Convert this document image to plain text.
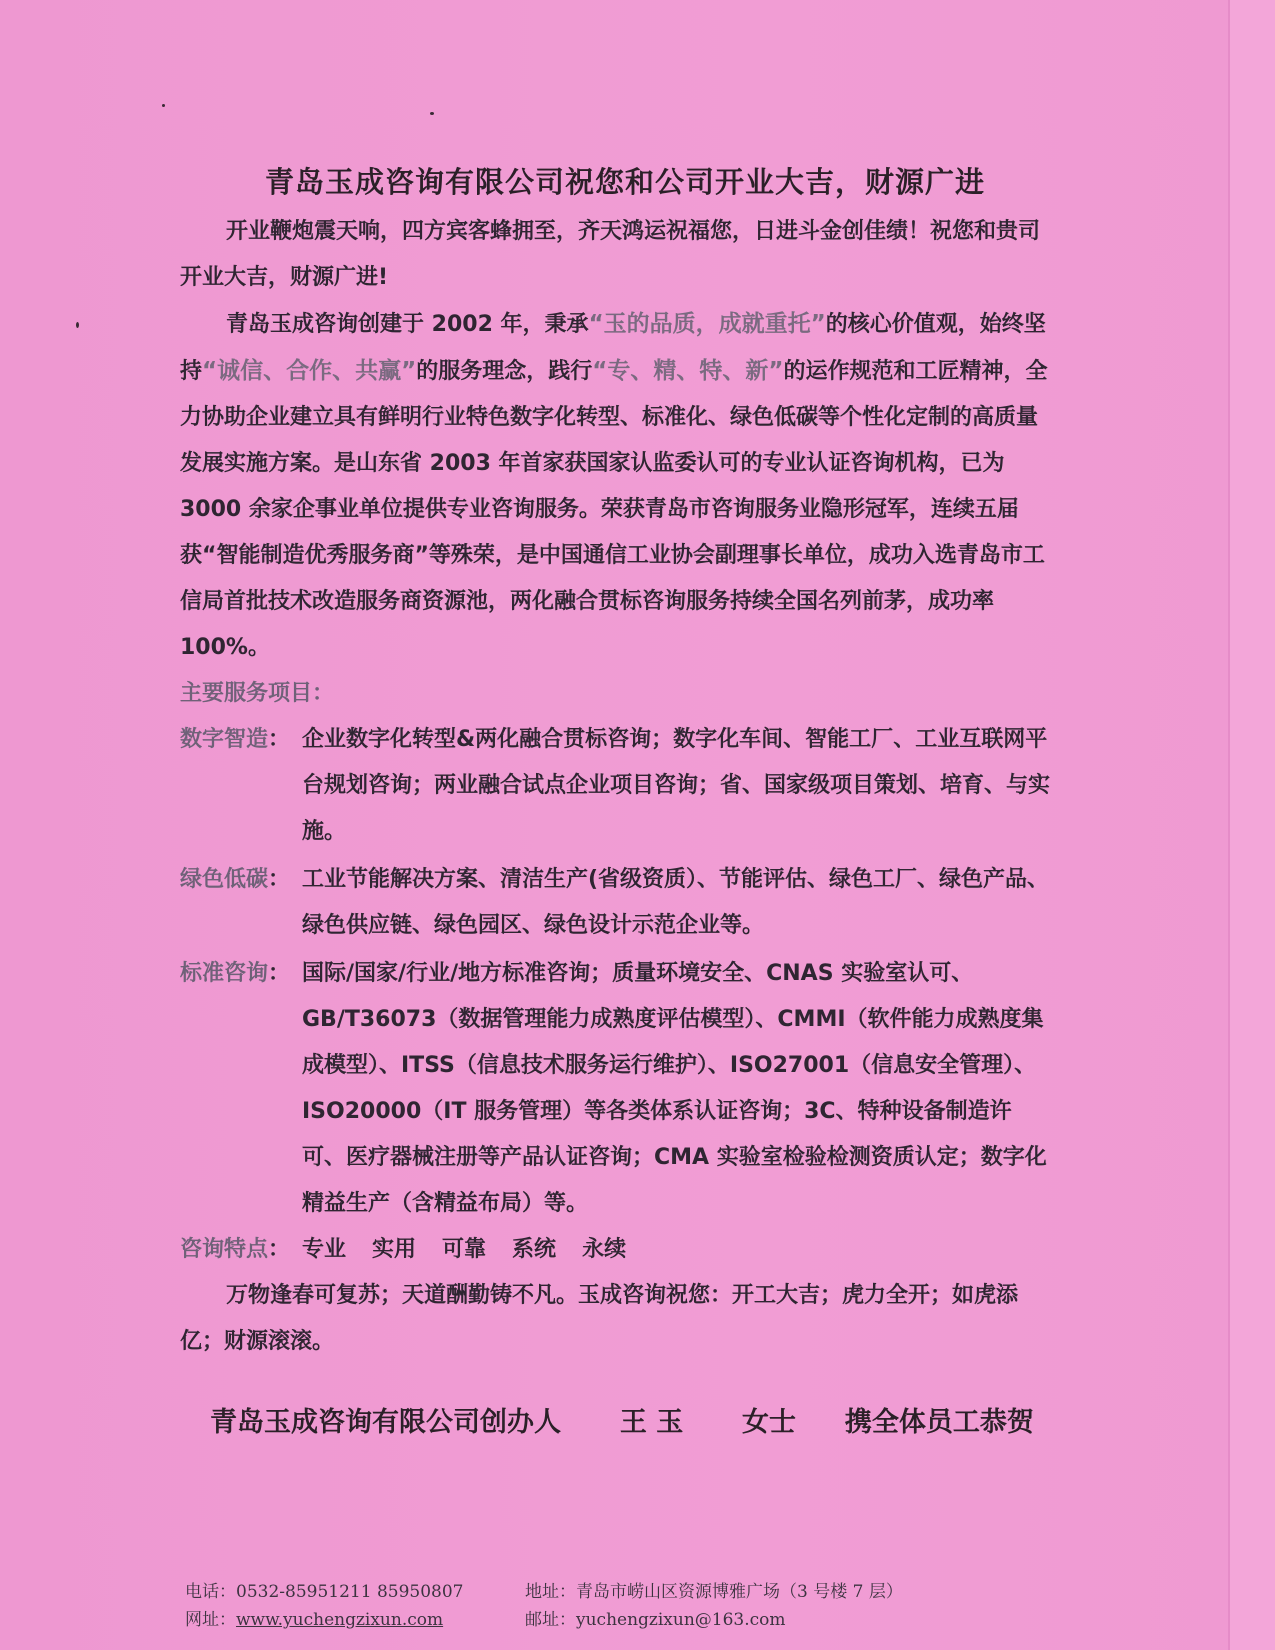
青岛玉成咨询有限公司祝您和公司开业大吉，财源广进

开业鞭炮震天响，四方宾客蜂拥至，齐天鸿运祝福您，日进斗金创佳绩！祝您和贵司开业大吉，财源广进!

青岛玉成咨询创建于 2002 年，秉承“玉的品质，成就重托”的核心价值观，始终坚持“诚信、合作、共赢”的服务理念，践行“专、精、特、新”的运作规范和工匠精神，全力协助企业建立具有鲜明行业特色数字化转型、标准化、绿色低碳等个性化定制的高质量发展实施方案。是山东省 2003 年首家获国家认监委认可的专业认证咨询机构，已为 3000 余家企事业单位提供专业咨询服务。荣获青岛市咨询服务业隐形冠军，连续五届获“智能制造优秀服务商”等殊荣，是中国通信工业协会副理事长单位，成功入选青岛市工信局首批技术改造服务商资源池，两化融合贯标咨询服务持续全国名列前茅，成功率 100%。

主要服务项目：
数字智造： 企业数字化转型&两化融合贯标咨询；数字化车间、智能工厂、工业互联网平台规划咨询；两业融合试点企业项目咨询；省、国家级项目策划、培育、与实施。
绿色低碳： 工业节能解决方案、清洁生产(省级资质）、节能评估、绿色工厂、绿色产品、绿色供应链、绿色园区、绿色设计示范企业等。
标准咨询： 国际/国家/行业/地方标准咨询；质量环境安全、CNAS 实验室认可、GB/T36073（数据管理能力成熟度评估模型）、CMMI（软件能力成熟度集成模型）、ITSS（信息技术服务运行维护）、ISO27001（信息安全管理）、ISO20000（IT 服务管理）等各类体系认证咨询；3C、特种设备制造许可、医疗器械注册等产品认证咨询；CMA 实验室检验检测资质认定；数字化精益生产（含精益布局）等。
咨询特点： 专业 实用 可靠 系统 永续

万物逢春可复苏；天道酬勤铸不凡。玉成咨询祝您：开工大吉；虎力全开；如虎添亿；财源滚滚。

青岛玉成咨询有限公司创办人 王 玉 女士 携全体员工恭贺
电话：0532-85951211 85950807	地址：青岛市崂山区资源博雅广场（3 号楼 7 层）
网址：www.yuchengzixun.com	邮址：yuchengzixun@163.com
